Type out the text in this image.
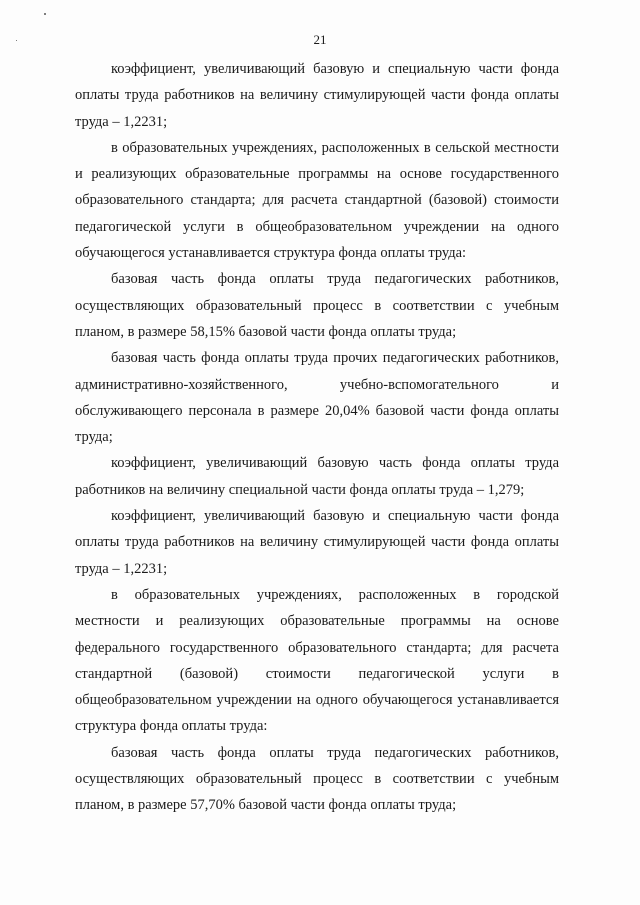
21

коэффициент, увеличивающий базовую и специальную части фонда оплаты труда работников на величину стимулирующей части фонда оплаты труда – 1,2231;

в образовательных учреждениях, расположенных в сельской местности и реализующих образовательные программы на основе государственного образовательного стандарта; для расчета стандартной (базовой) стоимости педагогической услуги в общеобразовательном учреждении на одного обучающегося устанавливается структура фонда оплаты труда:

базовая часть фонда оплаты труда педагогических работников, осуществляющих образовательный процесс в соответствии с учебным планом, в размере 58,15% базовой части фонда оплаты труда;

базовая часть фонда оплаты труда прочих педагогических работников, административно-хозяйственного, учебно-вспомогательного и обслуживающего персонала в размере 20,04% базовой части фонда оплаты труда;

коэффициент, увеличивающий базовую часть фонда оплаты труда работников на величину специальной части фонда оплаты труда – 1,279;

коэффициент, увеличивающий базовую и специальную части фонда оплаты труда работников на величину стимулирующей части фонда оплаты труда – 1,2231;

в образовательных учреждениях, расположенных в городской местности и реализующих образовательные программы на основе федерального государственного образовательного стандарта; для расчета стандартной (базовой) стоимости педагогической услуги в общеобразовательном учреждении на одного обучающегося устанавливается структура фонда оплаты труда:

базовая часть фонда оплаты труда педагогических работников, осуществляющих образовательный процесс в соответствии с учебным планом, в размере 57,70% базовой части фонда оплаты труда;
